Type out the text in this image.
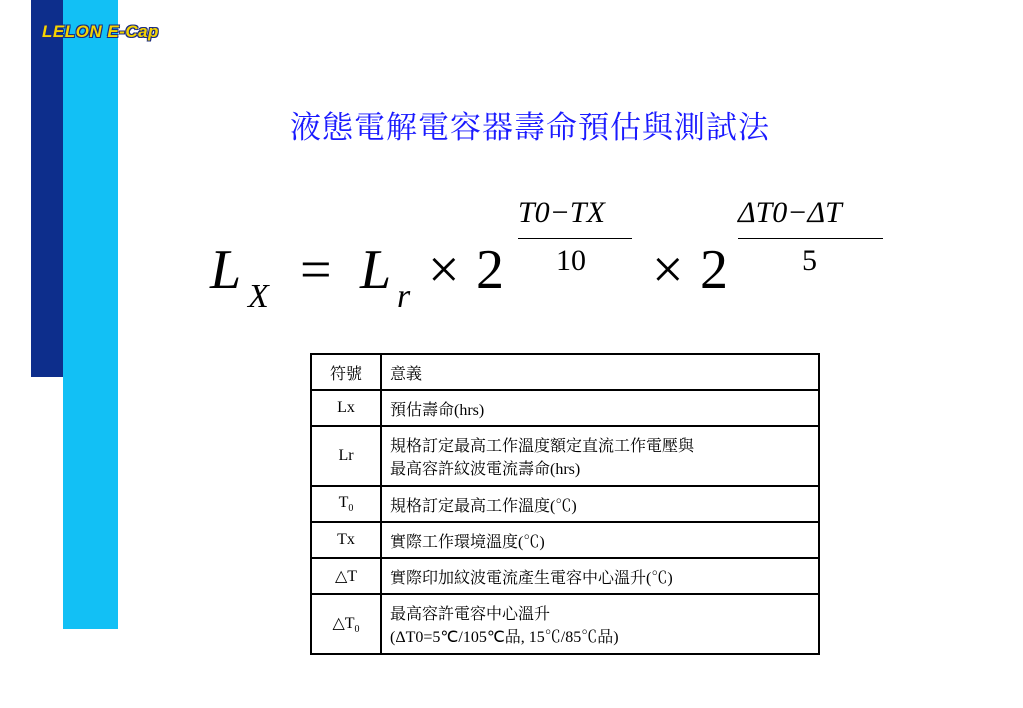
LELON E-Cap
液態電解電容器壽命預估與測試法
L X = L r × 2
T0−TX
10 × 2
ΔT0−ΔT
5
符號	意義
Lx	預估壽命(hrs)
Lr	規格訂定最高工作溫度額定直流工作電壓與
最高容許紋波電流壽命(hrs)

$T_0$	規格訂定最高工作溫度(℃)
Tx	實際工作環境溫度(℃)
△T	實際印加紋波電流產生電容中心溫升(℃)
$\triangle T_0$	最高容許電容中心溫升
(ΔT0=5℃/105℃品, 15℃/85℃品)
